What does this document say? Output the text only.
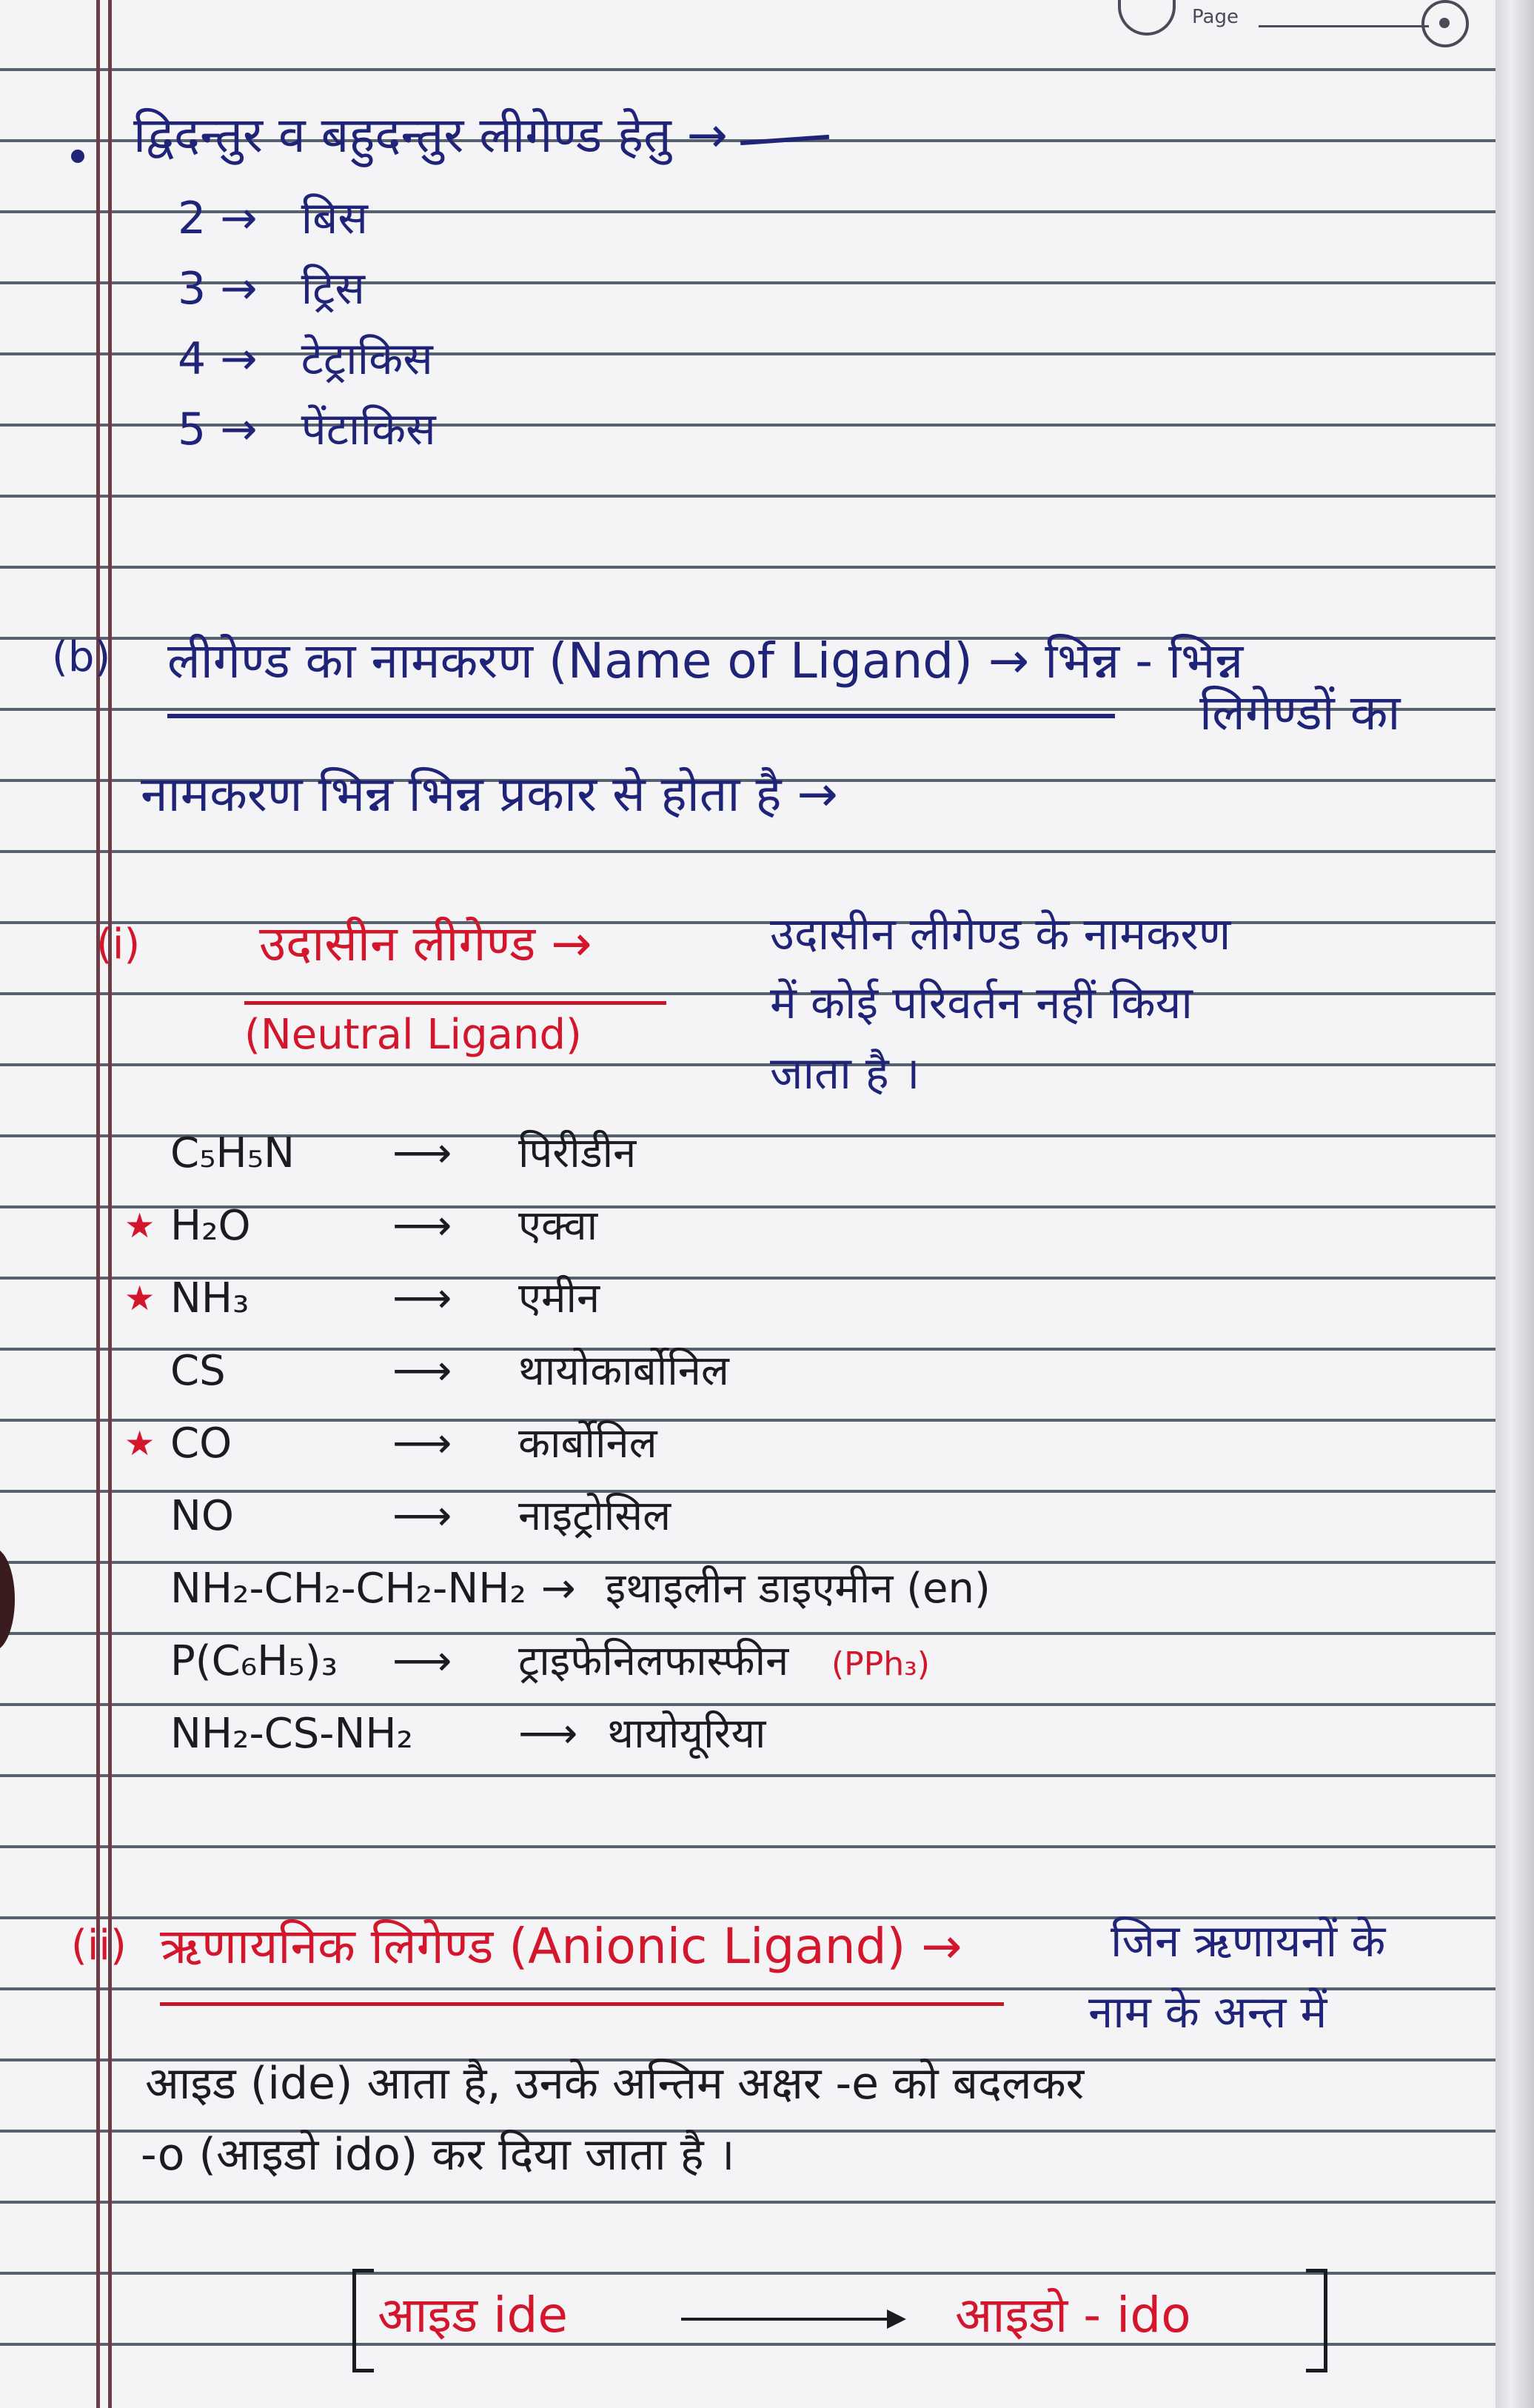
Page
द्विदन्तुर व बहुदन्तुर लीगेण्ड हेतु →
2 → बिस
3 → ट्रिस
4 → टेट्राकिस
5 → पेंटाकिस
(b) लीगेण्ड का नामकरण (Name of Ligand) → भिन्न - भिन्न
लिगेण्डों का
नामकरण भिन्न भिन्न प्रकार से होता है →
(i) उदासीन लीगेण्ड →
(Neutral Ligand)
उदासीन लीगेण्ड के नामकरण
में कोई परिवर्तन नहीं किया
जाता है ।
C₅H₅N ⟶ पिरीडीन
★ H₂O	⟶ एक्वा
★ NH₃	⟶ एमीन
CS	⟶ थायोकार्बोनिल
★ CO	⟶ कार्बोनिल
NO	⟶ नाइट्रोसिल
NH₂-CH₂-CH₂-NH₂ → इथाइलीन डाइएमीन (en)
P(C₆H₅)₃ ⟶ ट्राइफेनिलफास्फीन (PPh₃)
NH₂-CS-NH₂	⟶ थायोयूरिया
(ii) ऋणायनिक लिगेण्ड (Anionic Ligand) →	जिन ऋणायनों के
नाम के अन्त में
आइड (ide) आता है, उनके अन्तिम अक्षर -e को बदलकर
-o (आइडो ido) कर दिया जाता है ।
आइड ide	आइडो - ido
